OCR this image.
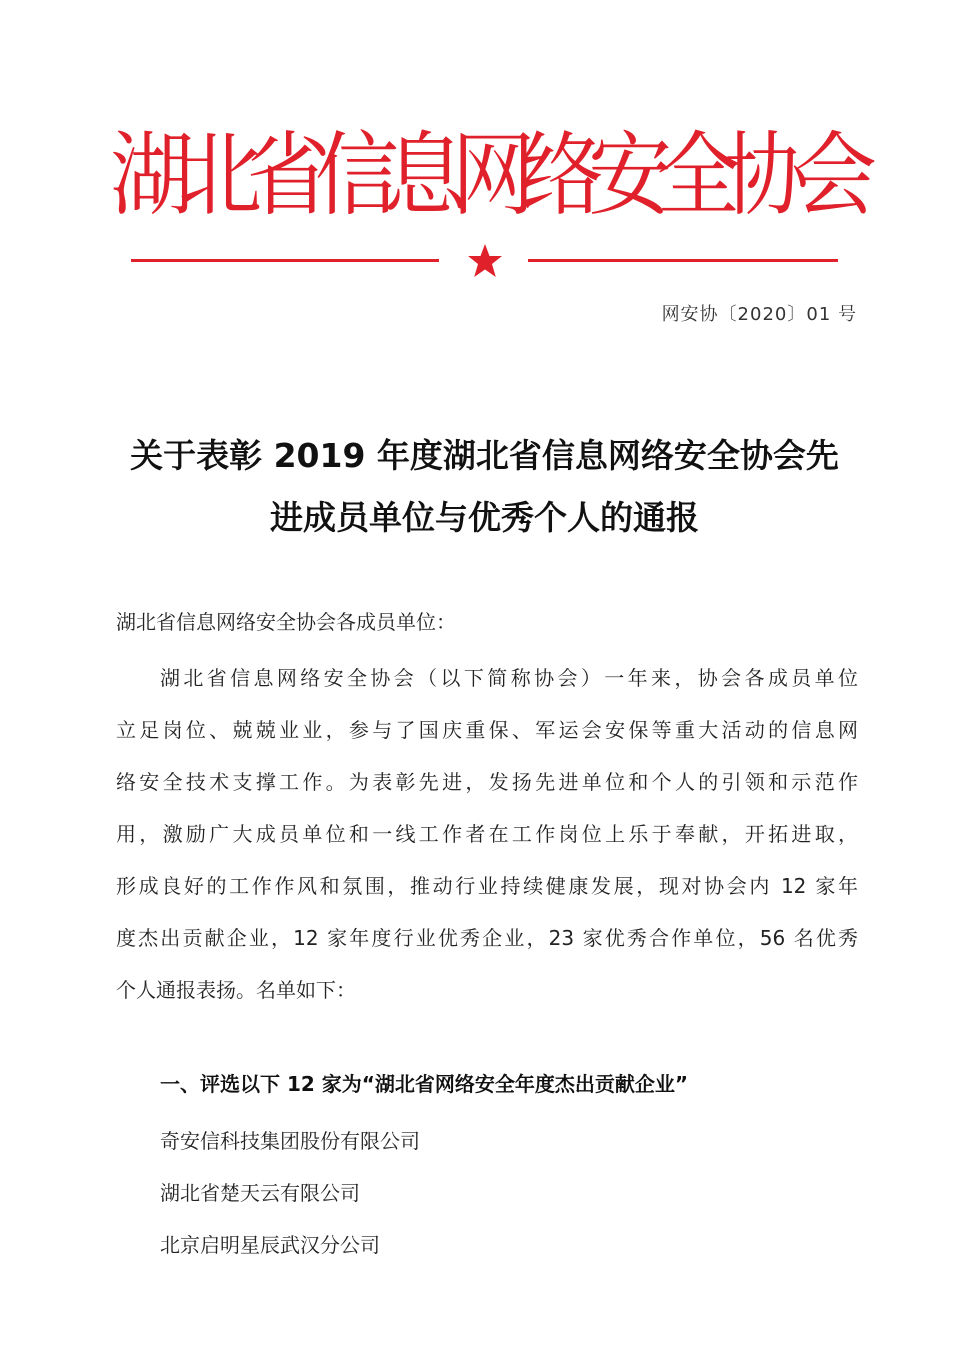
湖
北
省
信
息
网
络
安
全
协
会
网安协〔2020〕01 号
关于表彰 2019 年度湖北省信息网络安全协会先
进成员单位与优秀个人的通报
湖北省信息网络安全协会各成员单位：
湖北省信息网络安全协会（以下简称协会）一年来，协会各成员单位
立足岗位、兢兢业业，参与了国庆重保、军运会安保等重大活动的信息网
络安全技术支撑工作。为表彰先进，发扬先进单位和个人的引领和示范作
用，激励广大成员单位和一线工作者在工作岗位上乐于奉献，开拓进取，
形成良好的工作作风和氛围，推动行业持续健康发展，现对协会内 12 家年
度杰出贡献企业，12 家年度行业优秀企业，23 家优秀合作单位，56 名优秀
个人通报表扬。名单如下：
一、评选以下 12 家为“湖北省网络安全年度杰出贡献企业”
奇安信科技集团股份有限公司
湖北省楚天云有限公司
北京启明星辰武汉分公司
